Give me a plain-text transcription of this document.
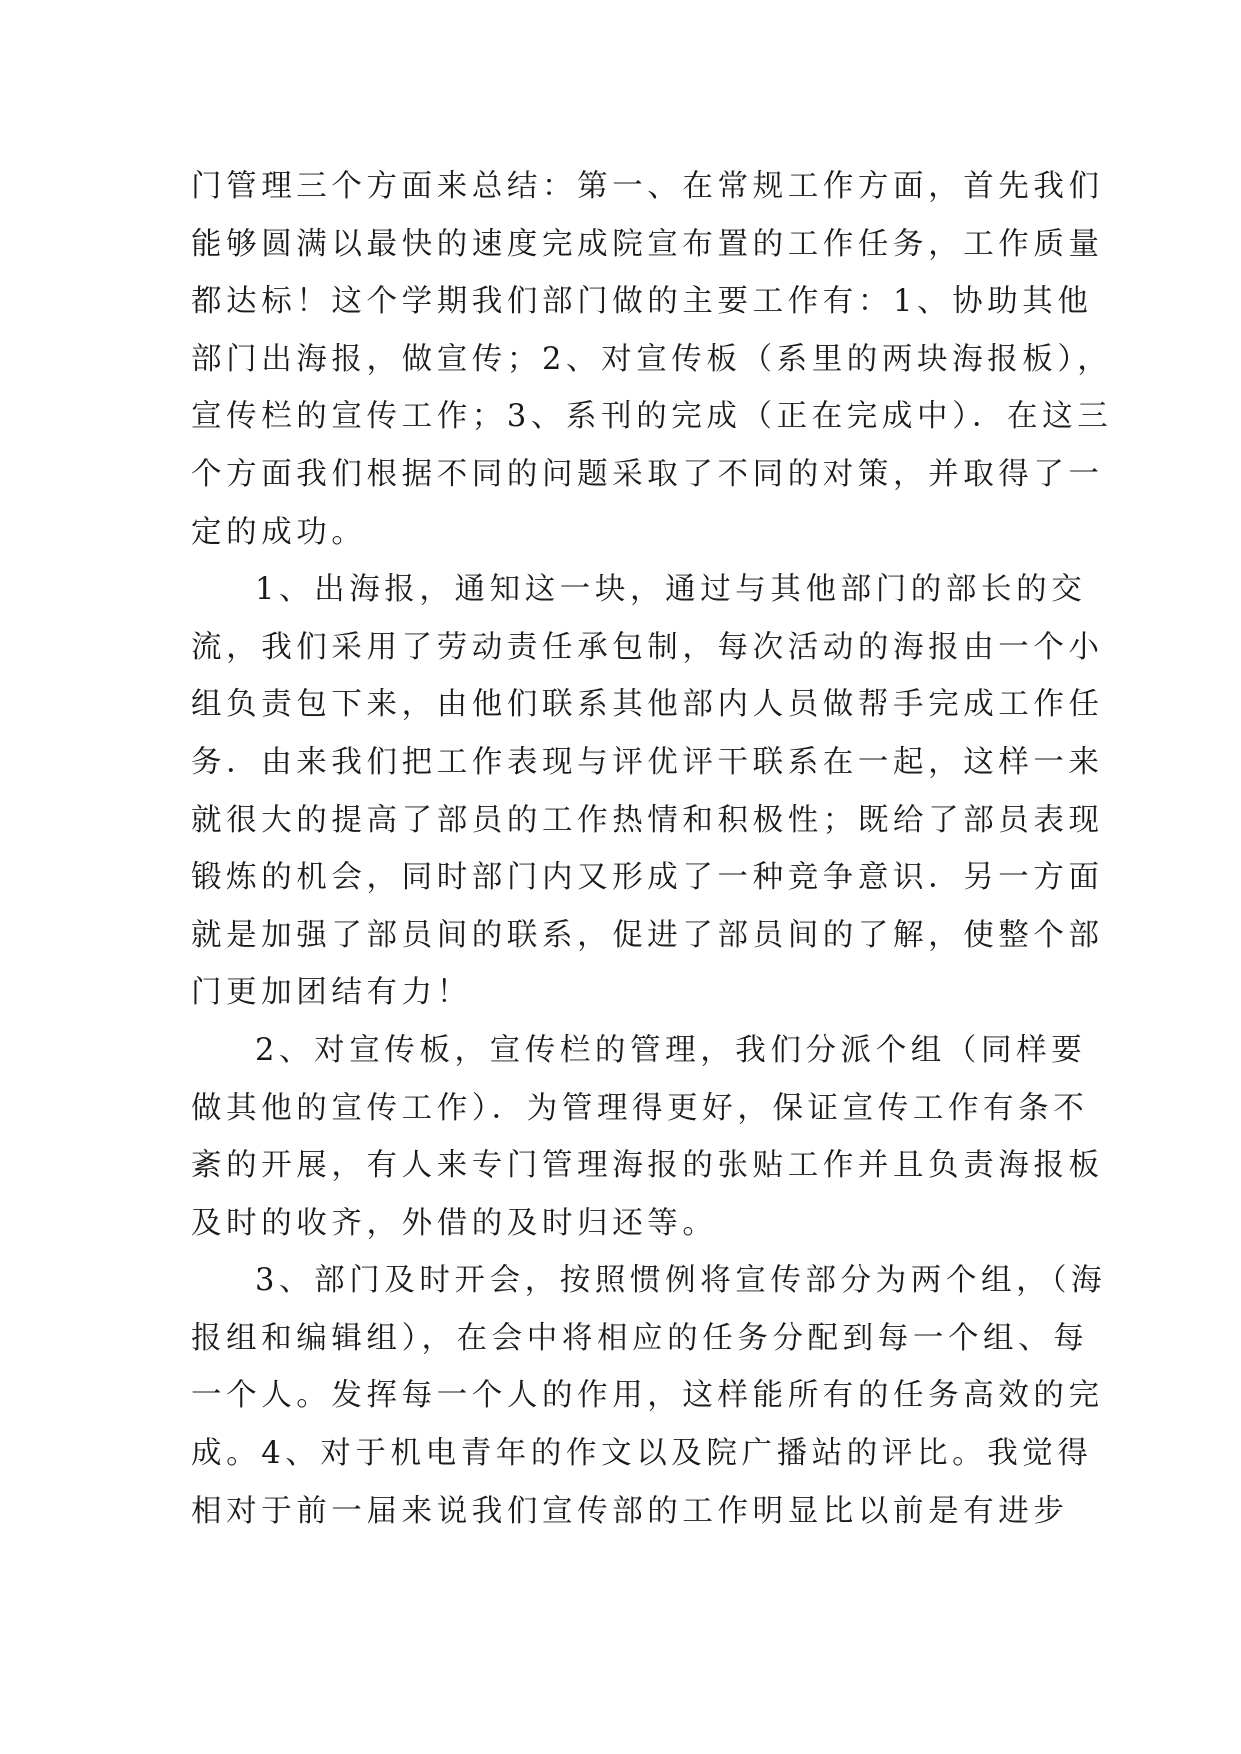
门管理三个方面来总结：第一、在常规工作方面，首先我们
能够圆满以最快的速度完成院宣布置的工作任务，工作质量
都达标！这个学期我们部门做的主要工作有：1、协助其他
部门出海报，做宣传；2、对宣传板（系里的两块海报板），
宣传栏的宣传工作；3、系刊的完成（正在完成中）．在这三
个方面我们根据不同的问题采取了不同的对策，并取得了一
定的成功。
1、出海报，通知这一块，通过与其他部门的部长的交
流，我们采用了劳动责任承包制，每次活动的海报由一个小
组负责包下来，由他们联系其他部内人员做帮手完成工作任
务．由来我们把工作表现与评优评干联系在一起，这样一来
就很大的提高了部员的工作热情和积极性；既给了部员表现
锻炼的机会，同时部门内又形成了一种竞争意识．另一方面
就是加强了部员间的联系，促进了部员间的了解，使整个部
门更加团结有力！
2、对宣传板，宣传栏的管理，我们分派个组（同样要
做其他的宣传工作）．为管理得更好，保证宣传工作有条不
紊的开展，有人来专门管理海报的张贴工作并且负责海报板
及时的收齐，外借的及时归还等。
3、部门及时开会，按照惯例将宣传部分为两个组，（海
报组和编辑组），在会中将相应的任务分配到每一个组、每
一个人。发挥每一个人的作用，这样能所有的任务高效的完
成。4、对于机电青年的作文以及院广播站的评比。我觉得
相对于前一届来说我们宣传部的工作明显比以前是有进步
